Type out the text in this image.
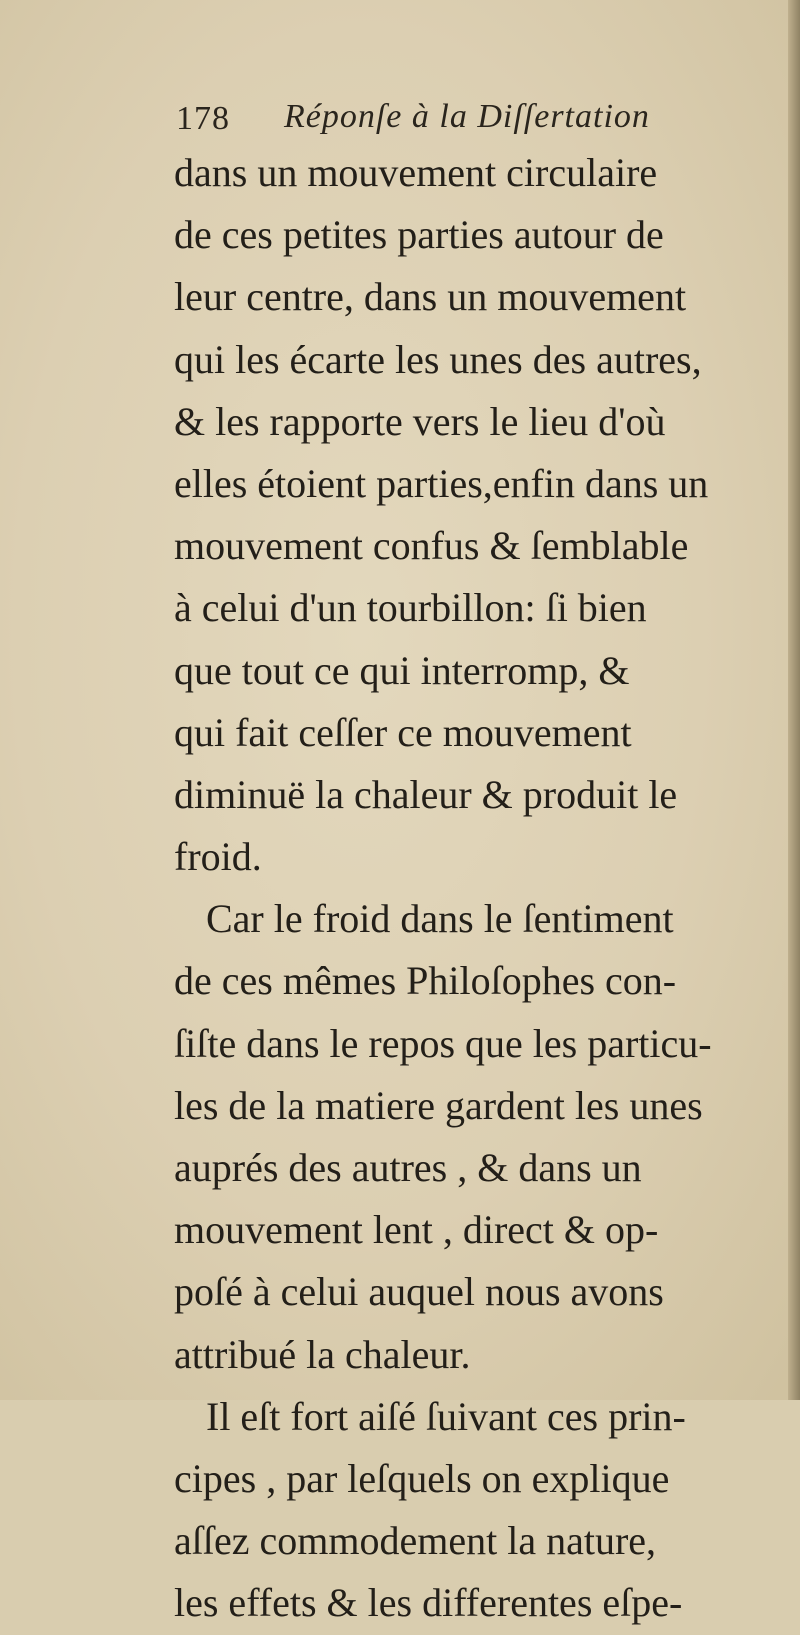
178 Réponſe à la Diſſertation
dans un mouvement circulaire
de ces petites parties autour de
leur centre, dans un mouvement
qui les écarte les unes des autres,
& les rapporte vers le lieu d'où
elles étoient parties,enfin dans un
mouvement confus & ſemblable
à celui d'un tourbillon: ſi bien
que tout ce qui interromp, &
qui fait ceſſer ce mouvement
diminuë la chaleur & produit le
froid.
Car le froid dans le ſentiment
de ces mêmes Philoſophes con-
ſiſte dans le repos que les particu-
les de la matiere gardent les unes
auprés des autres , & dans un
mouvement lent , direct & op-
poſé à celui auquel nous avons
attribué la chaleur.
Il eſt fort aiſé ſuivant ces prin-
cipes , par leſquels on explique
aſſez commodement la nature,
les effets & les differentes eſpe-
